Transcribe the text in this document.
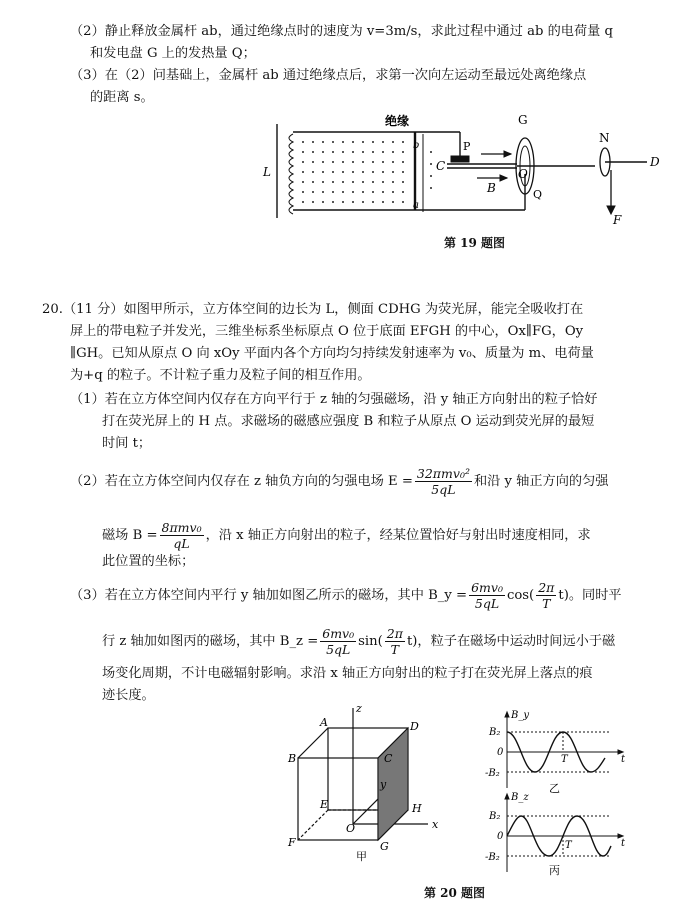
（2）静止释放金属杆 ab，通过绝缘点时的速度为 v=3m/s，求此过程中通过 ab 的电荷量 q
和发电盘 G 上的发热量 Q；
（3）在（2）问基础上，金属杆 ab 通过绝缘点后，求第一次向左运动至最远处离绝缘点
的距离 s。
绝缘	G
N
P
C
O
D
Q
B
F
L
b
a
第 19 题图
20.（11 分）如图甲所示，立方体空间的边长为 L，侧面 CDHG 为荧光屏，能完全吸收打在
屏上的带电粒子并发光，三维坐标系坐标原点 O 位于底面 EFGH 的中心，Ox∥FG，Oy
∥GH。已知从原点 O 向 xOy 平面内各个方向均匀持续发射速率为 v₀、质量为 m、电荷量
为+q 的粒子。不计粒子重力及粒子间的相互作用。
（1）若在立方体空间内仅存在方向平行于 z 轴的匀强磁场，沿 y 轴正方向射出的粒子恰好
打在荧光屏上的 H 点。求磁场的磁感应强度 B 和粒子从原点 O 运动到荧光屏的最短
时间 t；
（2）若在立方体空间内仅存在 z 轴负方向的匀强电场 $E = \frac{\text{32πmv₀²}}{5qL}$ 和沿 y 轴正方向的匀强
磁场 $B = \frac{\text{8πmv₀}}{qL}$ ，沿 x 轴正方向射出的粒子，经某位置恰好与射出时速度相同，求
此位置的坐标；
（3）若在立方体空间内平行 y 轴加如图乙所示的磁场，其中 B_y = $\frac{\text{6mv₀}}{5qL} \cos( \frac{2\pi}{T} t)$。同时平
行 z 轴加如图丙的磁场，其中 B_z = $\frac{\text{6mv₀}}{5qL} \sin( \frac{2\pi}{T} t)$，粒子在磁场中运动时间远小于磁
场变化周期，不计电磁辐射影响。求沿 x 轴正方向射出的粒子打在荧光屏上落点的痕
迹长度。
A	D
B	C
E	H
F	G
O	x
y
z
甲
B_y
B₂
-B₂
0
T	t
乙
B_z
B₂
-B₂
0
T	t
丙
第 20 题图
